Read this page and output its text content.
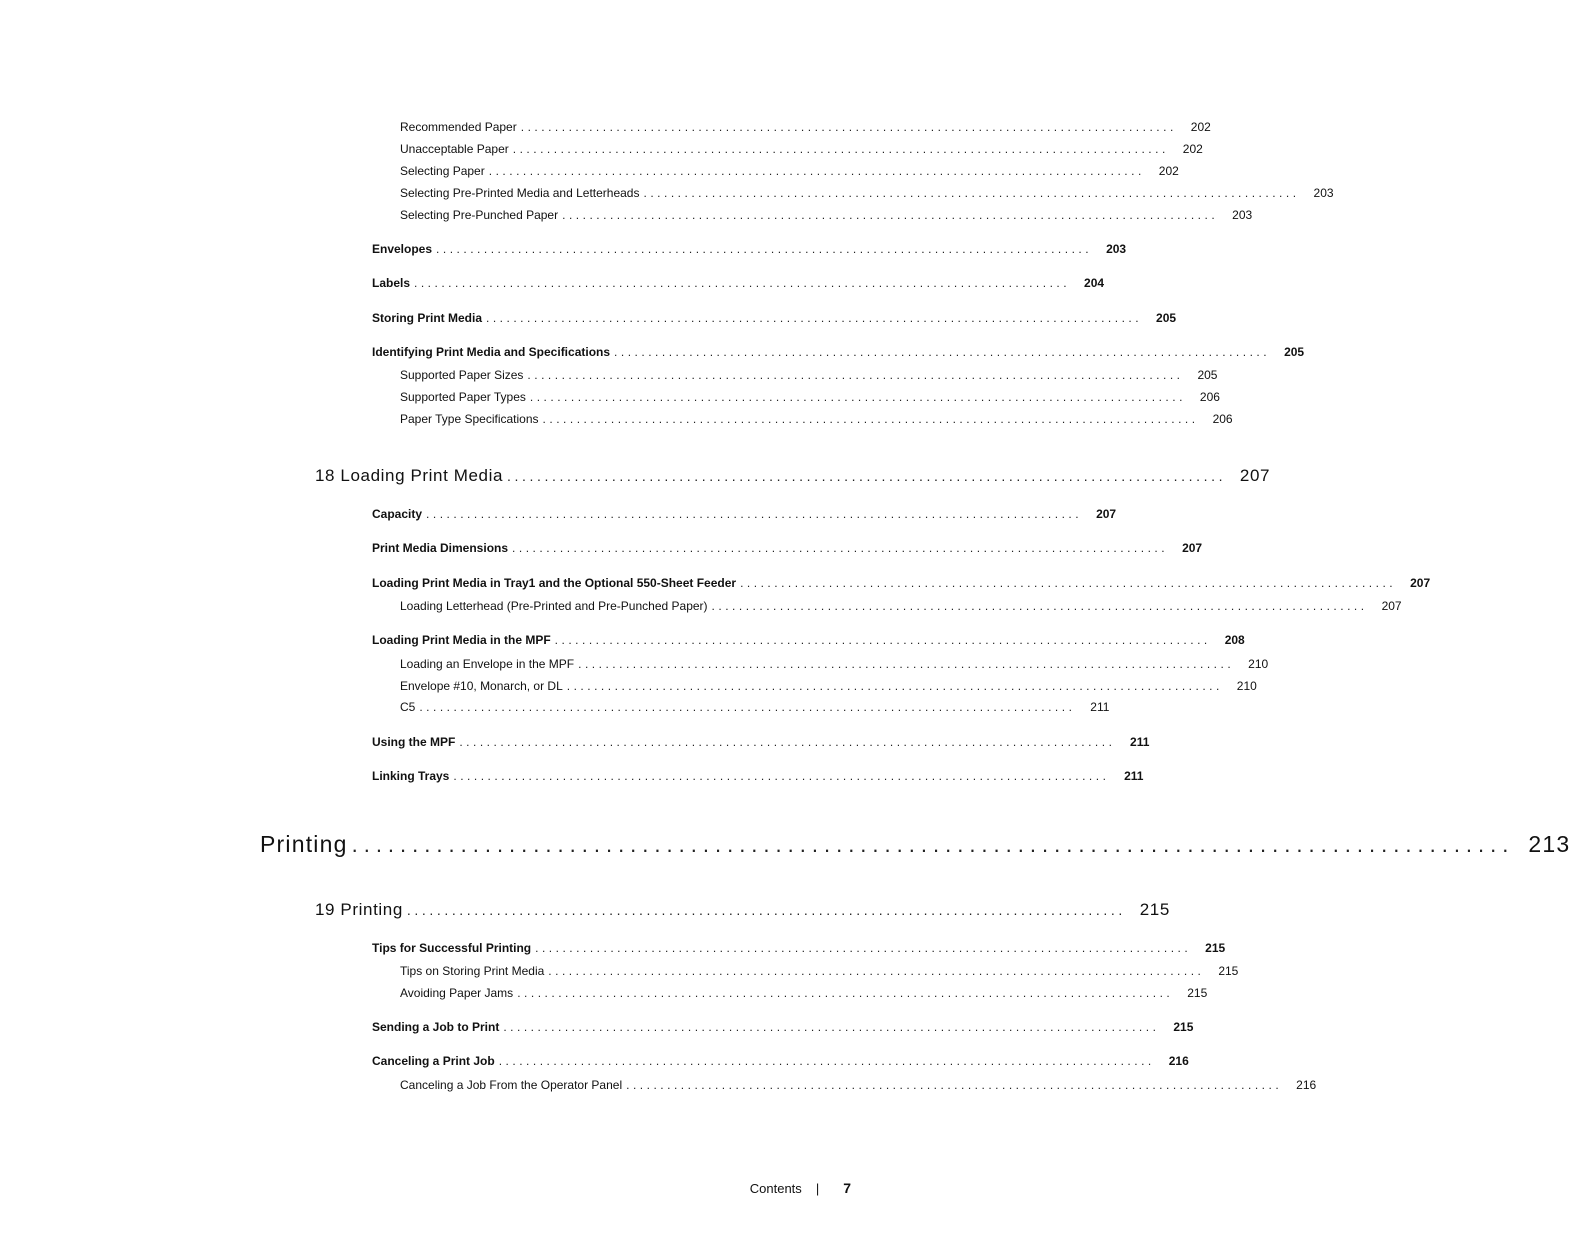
Recommended Paper ................................................................................................	202
Unacceptable Paper ................................................................................................	202
Selecting Paper ................................................................................................	202
Selecting Pre-Printed Media and Letterheads ................................................................................................	203
Selecting Pre-Punched Paper ................................................................................................	203
Envelopes ................................................................................................	203
Labels ................................................................................................	204
Storing Print Media ................................................................................................	205
Identifying Print Media and Specifications ................................................................................................	205
Supported Paper Sizes ................................................................................................	205
Supported Paper Types ................................................................................................	206
Paper Type Specifications ................................................................................................	206
18 Loading Print Media ................................................................................................ 207
Capacity ................................................................................................	207
Print Media Dimensions ................................................................................................	207
Loading Print Media in Tray1 and the Optional 550-Sheet Feeder ................................................................................................	207
Loading Letterhead (Pre-Printed and Pre-Punched Paper) ................................................................................................	207
Loading Print Media in the MPF ................................................................................................	208
Loading an Envelope in the MPF ................................................................................................	210
Envelope #10, Monarch, or DL ................................................................................................	210
C5 ................................................................................................	211
Using the MPF ................................................................................................	211
Linking Trays ................................................................................................	211
Printing ................................................................................................ 213
19 Printing ................................................................................................ 215
Tips for Successful Printing ................................................................................................	215
Tips on Storing Print Media ................................................................................................	215
Avoiding Paper Jams ................................................................................................	215
Sending a Job to Print ................................................................................................	215
Canceling a Print Job ................................................................................................	216
Canceling a Job From the Operator Panel ................................................................................................	216
Contents | 7
